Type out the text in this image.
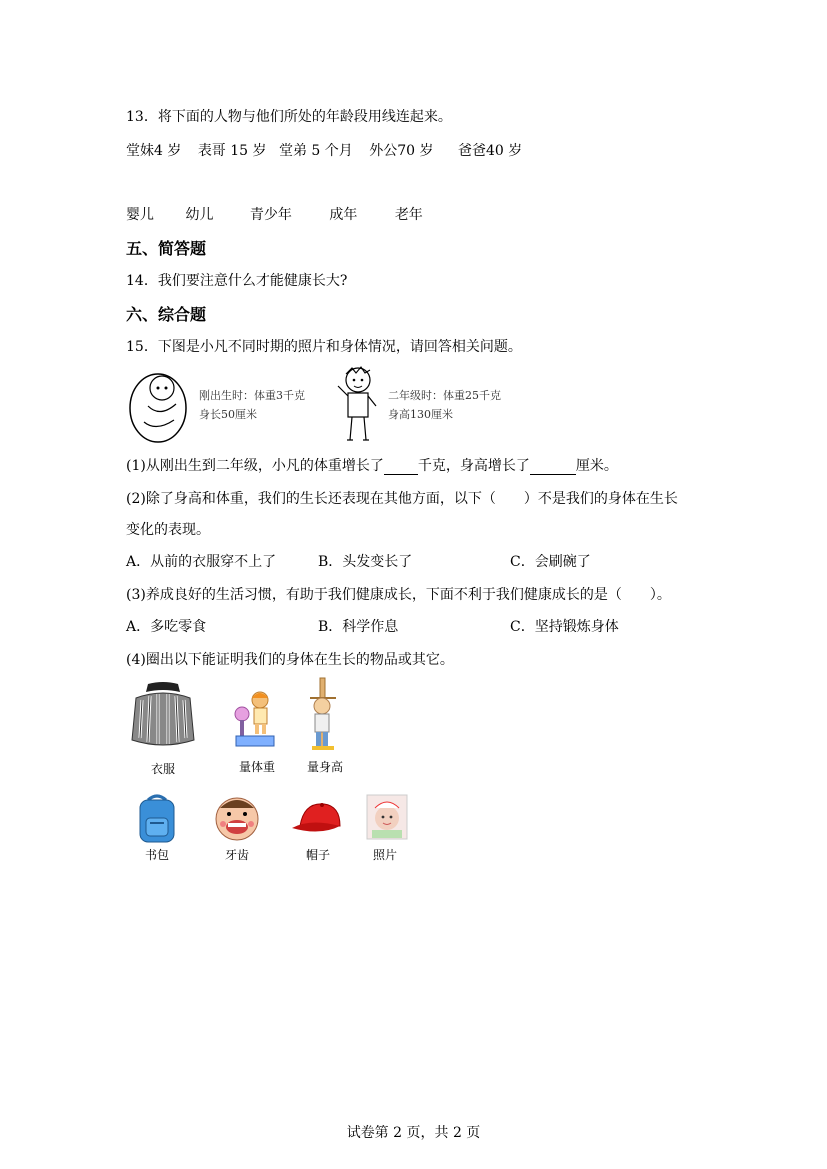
13．将下面的人物与他们所处的年龄段用线连起来。
堂妹4 岁 表哥 15 岁 堂弟 5 个月 外公70 岁 爸爸40 岁
婴儿 幼儿	青少年	成年	老年
五、简答题
14．我们要注意什么才能健康长大?
六、综合题
15．下图是小凡不同时期的照片和身体情况，请回答相关问题。
刚出生时：体重3千克
身长50厘米
二年级时：体重25千克
身高130厘米
(1)从刚出生到二年级，小凡的体重增长了 千克，身高增长了	厘米。
(2)除了身高和体重，我们的生长还表现在其他方面，以下（　　）不是我们的身体在生长
变化的表现。
A．从前的衣服穿不上了	B．头发变长了	C．会刷碗了
(3)养成良好的生活习惯，有助于我们健康成长，下面不利于我们健康成长的是（　　）。
A．多吃零食	B．科学作息	C．坚持锻炼身体
(4)圈出以下能证明我们的身体在生长的物品或其它。
衣服	量体重	量身高
书包	牙齿	帽子	照片
试卷第 2 页，共 2 页
